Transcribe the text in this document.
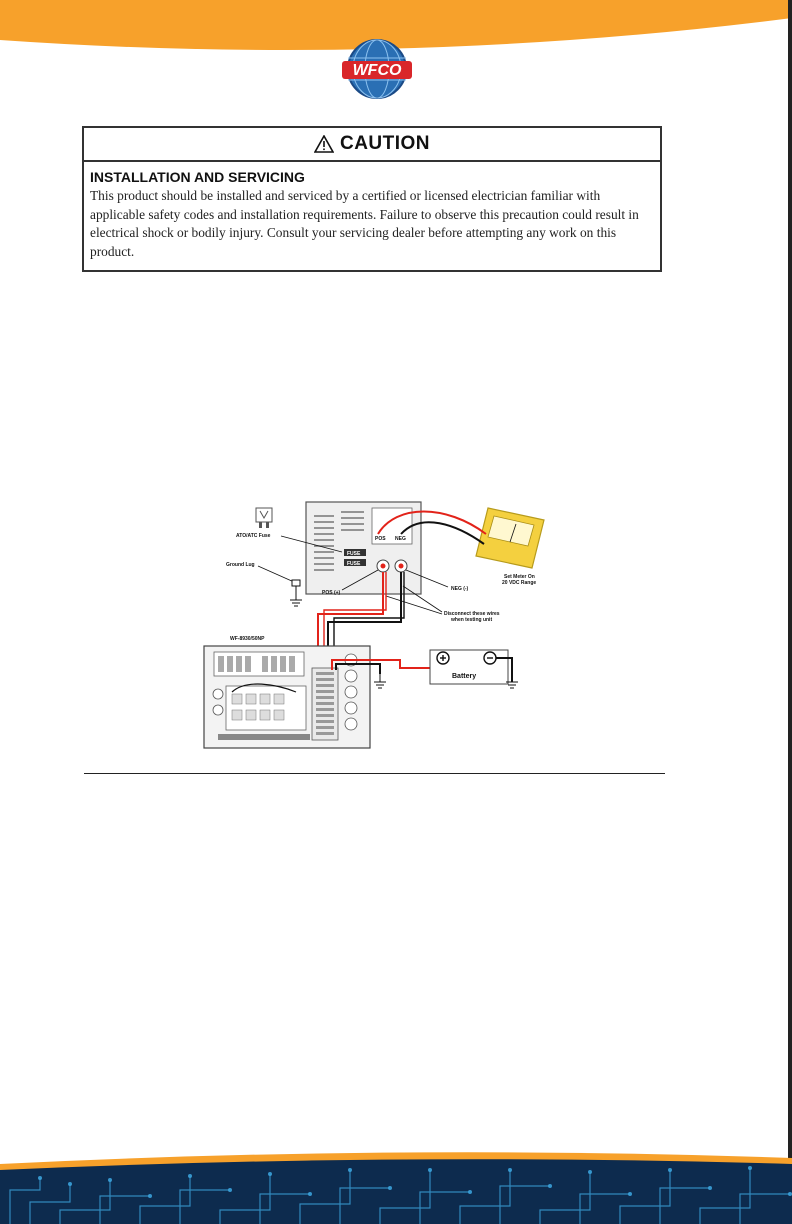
WFCO
CAUTION
INSTALLATION AND SERVICING
This product should be installed and serviced by a certified or licensed electrician familiar with applicable safety codes and installation requirements. Failure to observe this precaution could result in electrical shock or bodily injury. Consult your servicing dealer before attempting any work on this product.
POS NEG
FUSE
FUSE
ATO/ATC Fuse
Ground Lug
POS (+)
NEG (-)
Set Meter On
20 VDC Range
Disconnect these wires
when testing unit
WF-8930/50NP
Battery
